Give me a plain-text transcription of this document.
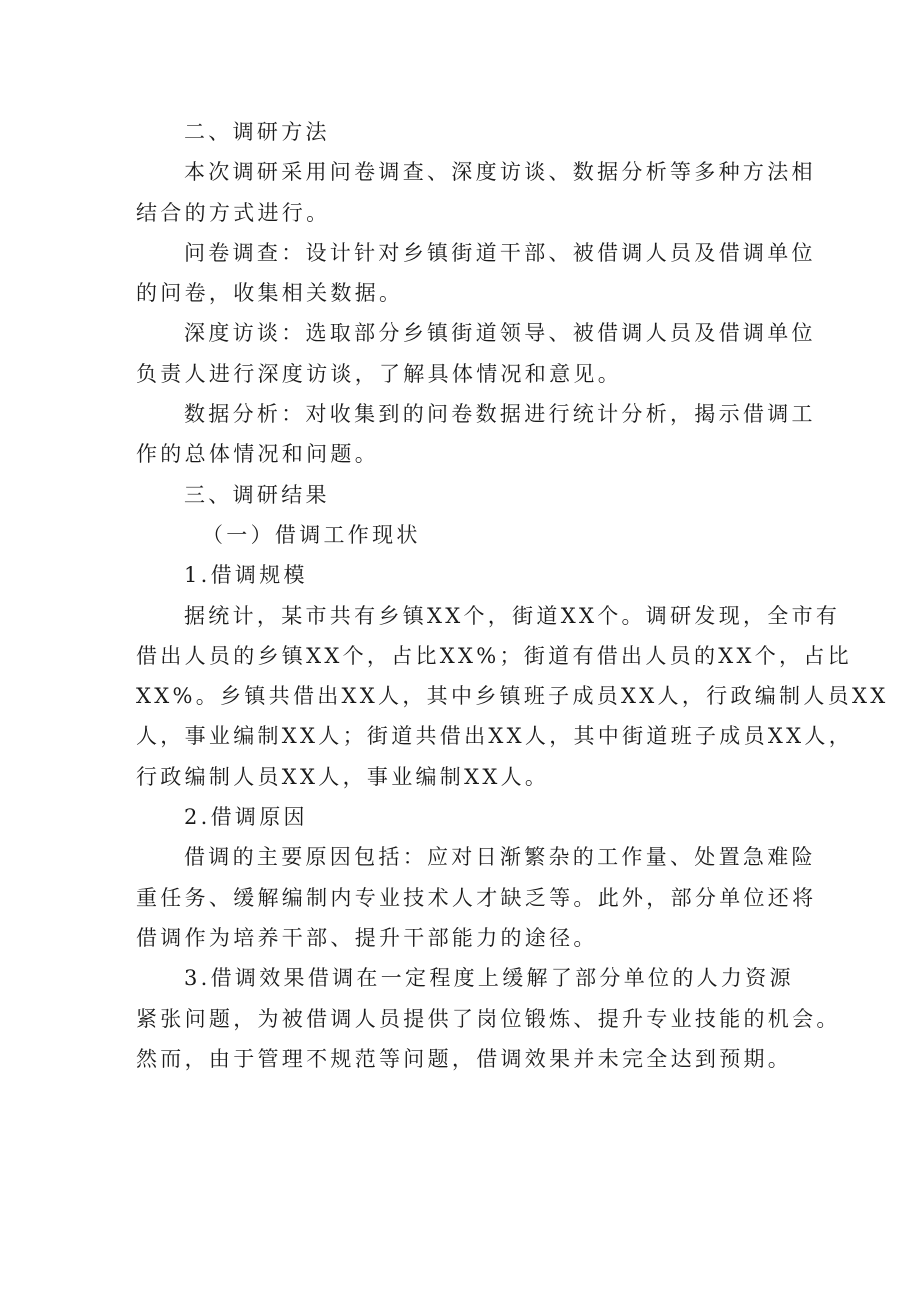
二、调研方法
本次调研采用问卷调查、深度访谈、数据分析等多种方法相
结合的方式进行。
问卷调查：设计针对乡镇街道干部、被借调人员及借调单位
的问卷，收集相关数据。
深度访谈：选取部分乡镇街道领导、被借调人员及借调单位
负责人进行深度访谈，了解具体情况和意见。
数据分析：对收集到的问卷数据进行统计分析，揭示借调工
作的总体情况和问题。
三、调研结果
（一）借调工作现状
1.借调规模
据统计，某市共有乡镇XX个，街道XX个。调研发现，全市有
借出人员的乡镇XX个，占比XX%；街道有借出人员的XX个，占比
XX%。乡镇共借出XX人，其中乡镇班子成员XX人，行政编制人员XX
人，事业编制XX人；街道共借出XX人，其中街道班子成员XX人，
行政编制人员XX人，事业编制XX人。
2.借调原因
借调的主要原因包括：应对日渐繁杂的工作量、处置急难险
重任务、缓解编制内专业技术人才缺乏等。此外，部分单位还将
借调作为培养干部、提升干部能力的途径。
3.借调效果借调在一定程度上缓解了部分单位的人力资源
紧张问题，为被借调人员提供了岗位锻炼、提升专业技能的机会。
然而，由于管理不规范等问题，借调效果并未完全达到预期。
